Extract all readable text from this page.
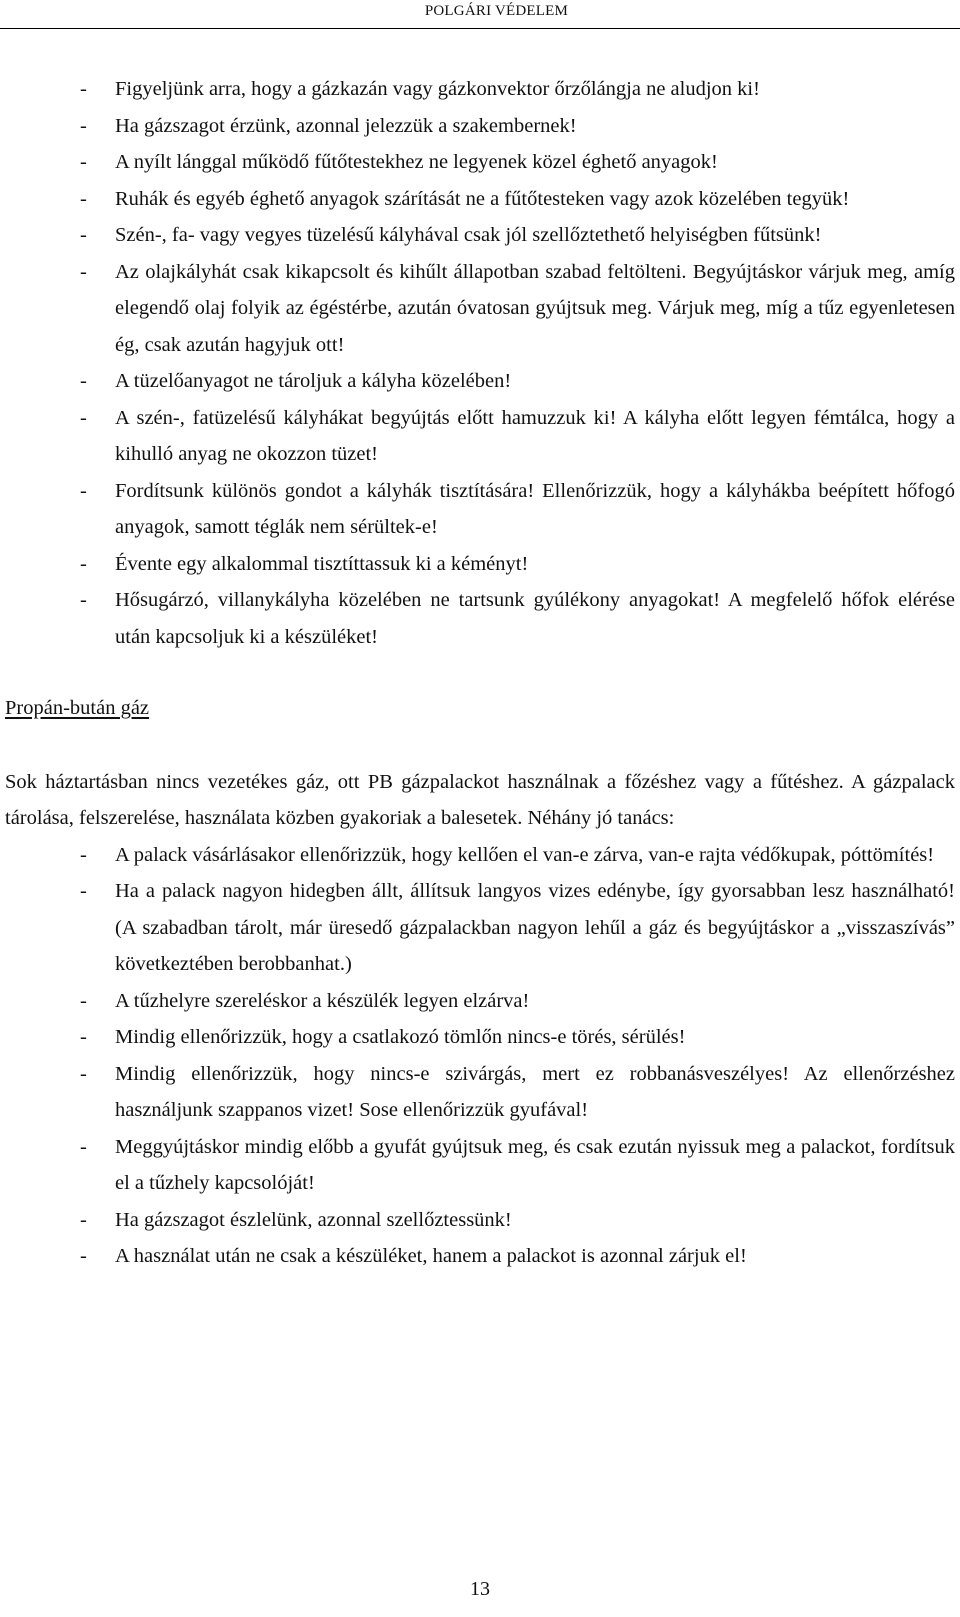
POLGÁRI VÉDELEM
- Figyeljünk arra, hogy a gázkazán vagy gázkonvektor őrzőlángja ne aludjon ki!
- Ha gázszagot érzünk, azonnal jelezzük a szakembernek!
- A nyílt lánggal működő fűtőtestekhez ne legyenek közel éghető anyagok!
- Ruhák és egyéb éghető anyagok szárítását ne a fűtőtesteken vagy azok közelében tegyük!
- Szén-, fa- vagy vegyes tüzelésű kályhával csak jól szellőztethető helyiségben fűtsünk!
- Az olajkályhát csak kikapcsolt és kihűlt állapotban szabad feltölteni. Begyújtáskor várjuk meg, amíg elegendő olaj folyik az égéstérbe, azután óvatosan gyújtsuk meg. Várjuk meg, míg a tűz egyenletesen ég, csak azután hagyjuk ott!
- A tüzelőanyagot ne tároljuk a kályha közelében!
- A szén-, fatüzelésű kályhákat begyújtás előtt hamuzzuk ki! A kályha előtt legyen fémtálca, hogy a kihulló anyag ne okozzon tüzet!
- Fordítsunk különös gondot a kályhák tisztítására! Ellenőrizzük, hogy a kályhákba beépített hőfogó anyagok, samott téglák nem sérültek-e!
- Évente egy alkalommal tisztíttassuk ki a kéményt!
- Hősugárzó, villanykályha közelében ne tartsunk gyúlékony anyagokat! A megfelelő hőfok elérése után kapcsoljuk ki a készüléket!
Propán-bután gáz
Sok háztartásban nincs vezetékes gáz, ott PB gázpalackot használnak a főzéshez vagy a fűtéshez. A gázpalack tárolása, felszerelése, használata közben gyakoriak a balesetek. Néhány jó tanács:
- A palack vásárlásakor ellenőrizzük, hogy kellően el van-e zárva, van-e rajta védőkupak, póttömítés!
- Ha a palack nagyon hidegben állt, állítsuk langyos vizes edénybe, így gyorsabban lesz használható! (A szabadban tárolt, már üresedő gázpalackban nagyon lehűl a gáz és begyújtáskor a „visszaszívás” következtében berobbanhat.)
- A tűzhelyre szereléskor a készülék legyen elzárva!
- Mindig ellenőrizzük, hogy a csatlakozó tömlőn nincs-e törés, sérülés!
- Mindig ellenőrizzük, hogy nincs-e szivárgás, mert ez robbanásveszélyes! Az ellenőrzéshez használjunk szappanos vizet! Sose ellenőrizzük gyufával!
- Meggyújtáskor mindig előbb a gyufát gyújtsuk meg, és csak ezután nyissuk meg a palackot, fordítsuk el a tűzhely kapcsolóját!
- Ha gázszagot észlelünk, azonnal szellőztessünk!
- A használat után ne csak a készüléket, hanem a palackot is azonnal zárjuk el!
13
